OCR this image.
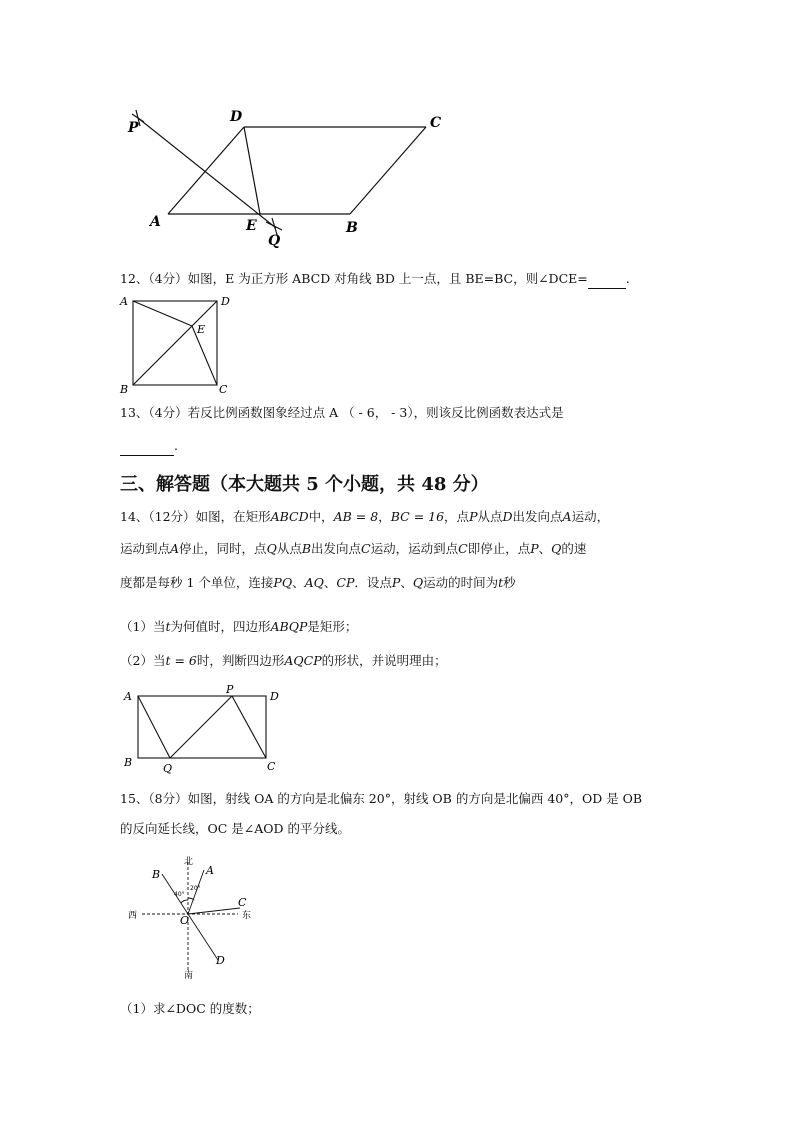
P
D	C
A	E
Q
B
12、（4分）如图，E 为正方形 ABCD 对角线 BD 上一点，且 BE=BC，则∠DCE=	.
A	D
E
B	C
13、（4分）若反比例函数图象经过点 A （ - 6， - 3），则该反比例函数表达式是
.
三、解答题（本大题共 5 个小题，共 48 分）
14、（12分）如图，在矩形ABCD中，AB = 8，BC = 16，点P从点D出发向点A运动，
运动到点A停止，同时，点Q从点B出发向点C运动，运动到点C即停止，点P、Q的速
度都是每秒 1 个单位，连接PQ、AQ、CP．设点P、Q运动的时间为t秒
（1）当t为何值时，四边形ABQP是矩形；
（2）当t = 6时，判断四边形AQCP的形状，并说明理由；
A
P
D
B	Q	C
15、（8分）如图，射线 OA 的方向是北偏东 20°，射线 OB 的方向是北偏西 40°，OD 是 OB
的反向延长线，OC 是∠AOD 的平分线。
北
南
西	东
A
B
C
D
O
20°
40°
（1）求∠DOC 的度数；
